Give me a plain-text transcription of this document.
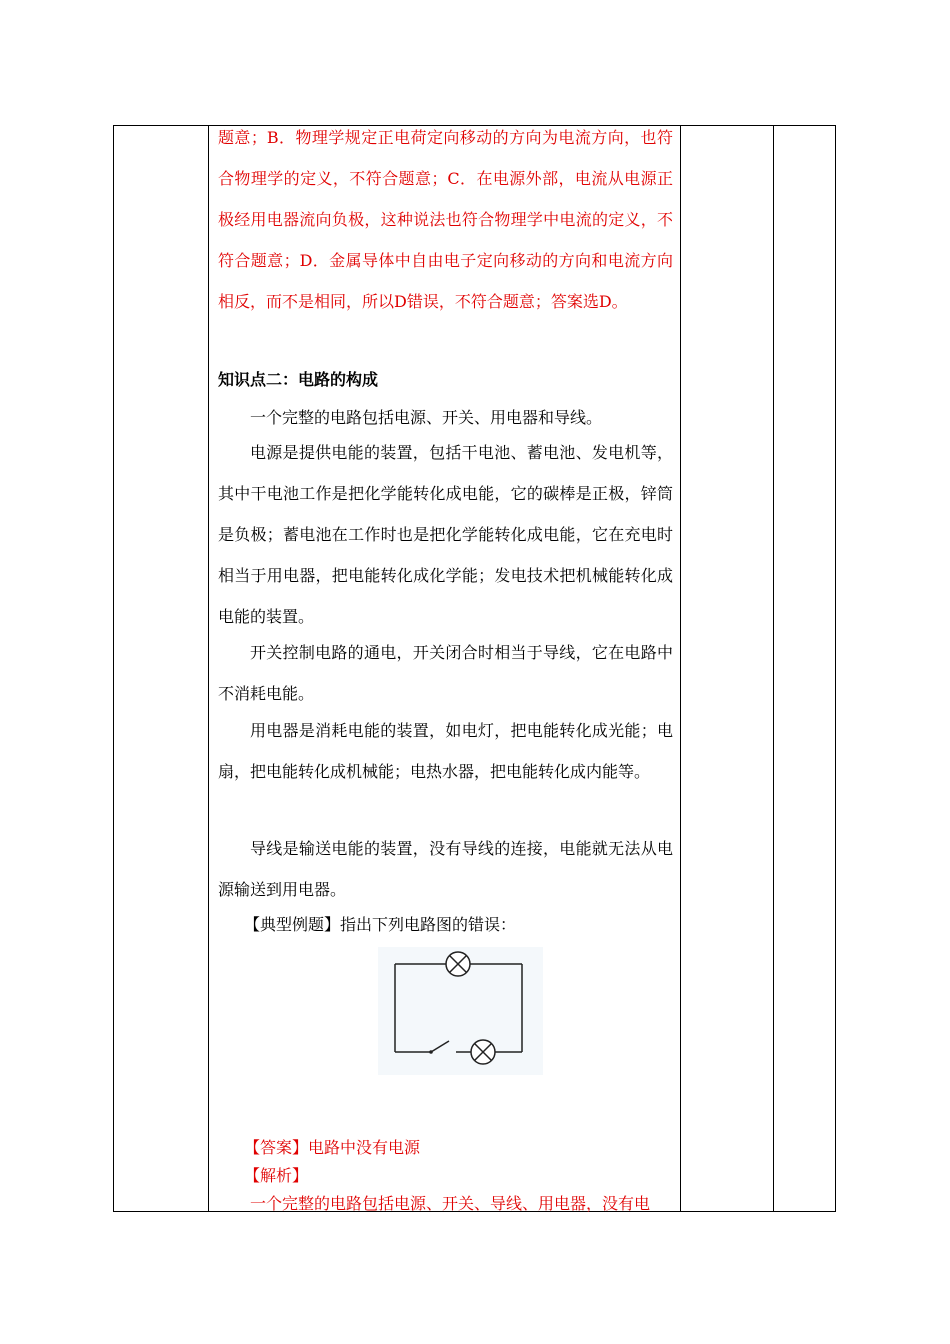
题意；B．物理学规定正电荷定向移动的方向为电流方向，也符合物理学的定义，不符合题意；C．在电源外部，电流从电源正极经用电器流向负极，这种说法也符合物理学中电流的定义，不符合题意；D．金属导体中自由电子定向移动的方向和电流方向相反，而不是相同，所以D错误，不符合题意；答案选D。
知识点二：电路的构成
一个完整的电路包括电源、开关、用电器和导线。
电源是提供电能的装置，包括干电池、蓄电池、发电机等，其中干电池工作是把化学能转化成电能，它的碳棒是正极，锌筒是负极；蓄电池在工作时也是把化学能转化成电能，它在充电时相当于用电器，把电能转化成化学能；发电技术把机械能转化成电能的装置。
开关控制电路的通电，开关闭合时相当于导线，它在电路中不消耗电能。
用电器是消耗电能的装置，如电灯，把电能转化成光能；电扇，把电能转化成机械能；电热水器，把电能转化成内能等。
导线是输送电能的装置，没有导线的连接，电能就无法从电源输送到用电器。
【典型例题】指出下列电路图的错误：
【答案】电路中没有电源
【解析】
一个完整的电路包括电源、开关、导线、用电器，没有电
